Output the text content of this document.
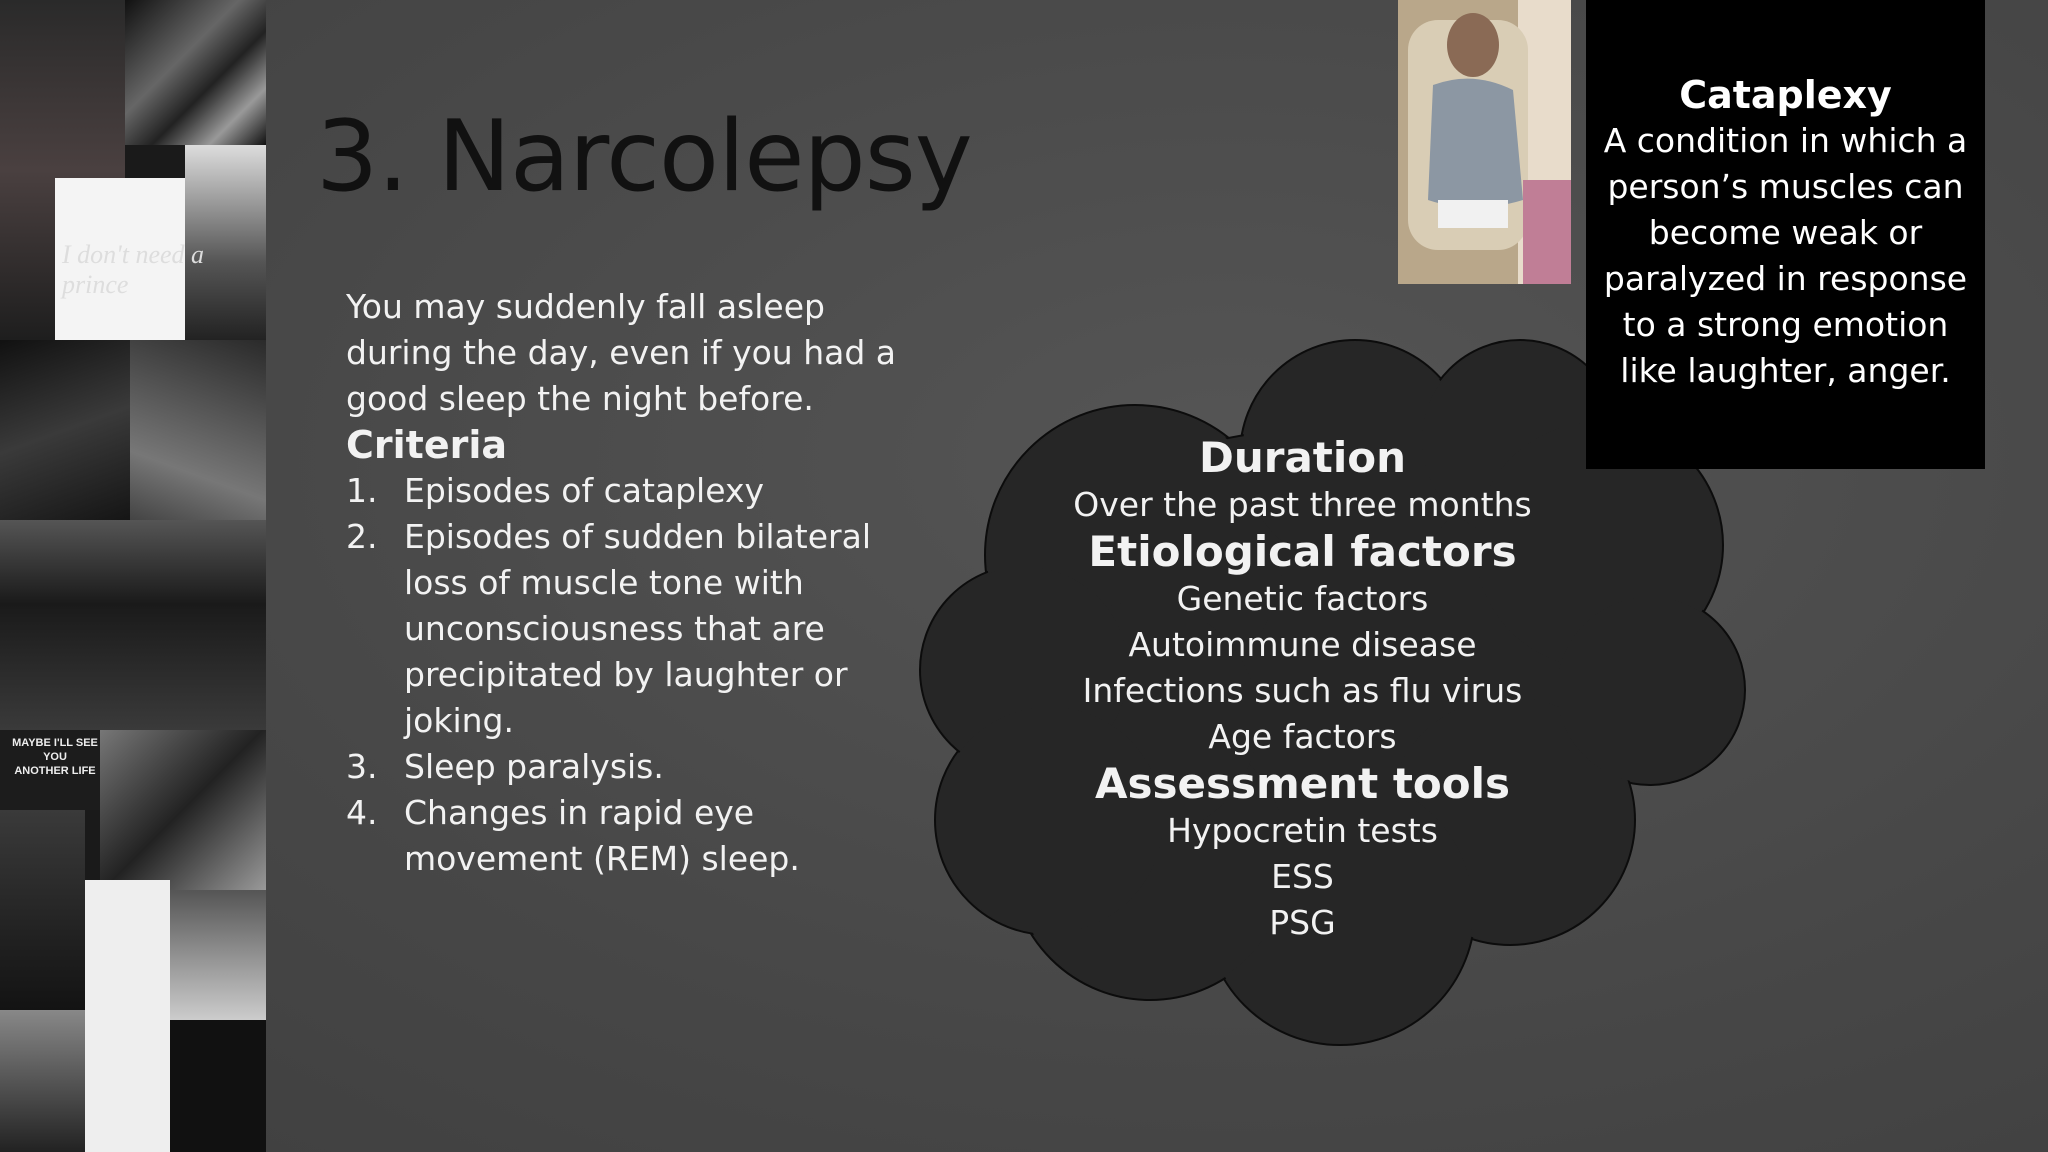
I don't need a prince
MAYBE I'LL SEE YOU
ANOTHER LIFE
3. Narcolepsy

You may suddenly fall asleep during the day, even if you had a good sleep the night before.

Criteria
1. Episodes of cataplexy
2. Episodes of sudden bilateral loss of muscle tone with unconsciousness that are precipitated by laughter or joking.
3. Sleep paralysis.
4. Changes in rapid eye movement (REM) sleep.
Duration
Over the past three months
Etiological factors
Genetic factors
Autoimmune disease
Infections such as flu virus
Age factors
Assessment tools
Hypocretin tests
ESS
PSG
Cataplexy
A condition in which a
person’s muscles can
become weak or
paralyzed in response
to a strong emotion
like laughter, anger.
